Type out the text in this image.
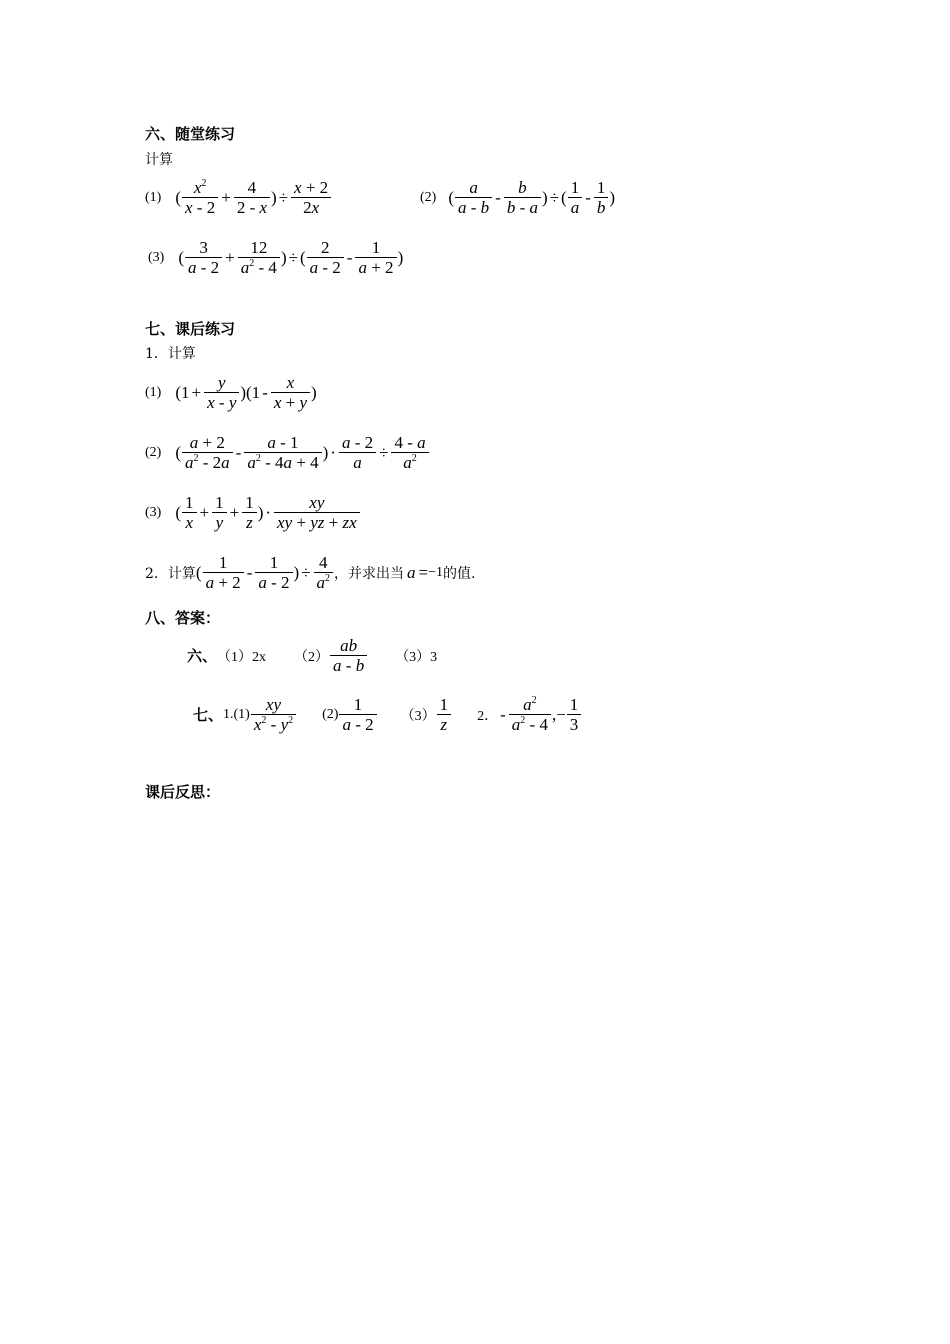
六、随堂练习
计算
(1) ( $\frac{x^2}{x - 2} + \frac{4}{2 - x}$ ) ÷ $\frac{x + 2}{2x}$	(2) ( $\frac{a}{a - b} - \frac{b}{b - a}$ ) ÷ ( $\frac{1}{a} - \frac{1}{b}$ )
(3) ( $\frac{3}{a - 2} + \frac{12}{a^2 - 4}$ ) ÷ ( $\frac{2}{a - 2} - \frac{1}{a + 2}$ )
七、课后练习
1．计算
(1) $(1 + \frac{y}{x - y} )(1 - \frac{x}{x + y}$ )
(2) ( $\frac{a + 2}{a^2 - 2a} - \frac{a - 1}{a^2 - 4a + 4}$ ) · $\frac{a - 2}{a} \div \frac{4 - a}{a^2}$
(3) ( $\frac{1}{x} + \frac{1}{y} + \frac{1}{z}$ ) · $\frac{xy}{xy + yz + zx}$
2．计算 ( $\frac{1}{a + 2} - \frac{1}{a - 2}$ ) ÷ $\frac{4}{a^2}$ ，并求出当 a = −1 的值.
八、答案：
六、 （1）2x $(2) \frac{ab}{a - b} (3)3$
七、 $1.(1) \frac{xy}{x^2 - y^2} (2) \frac{1}{a - 2} (3) \frac{1}{z} 2$． - $\frac{a^2}{a^2 - 4}$ , − $\frac{1}{3}$
课后反思：
